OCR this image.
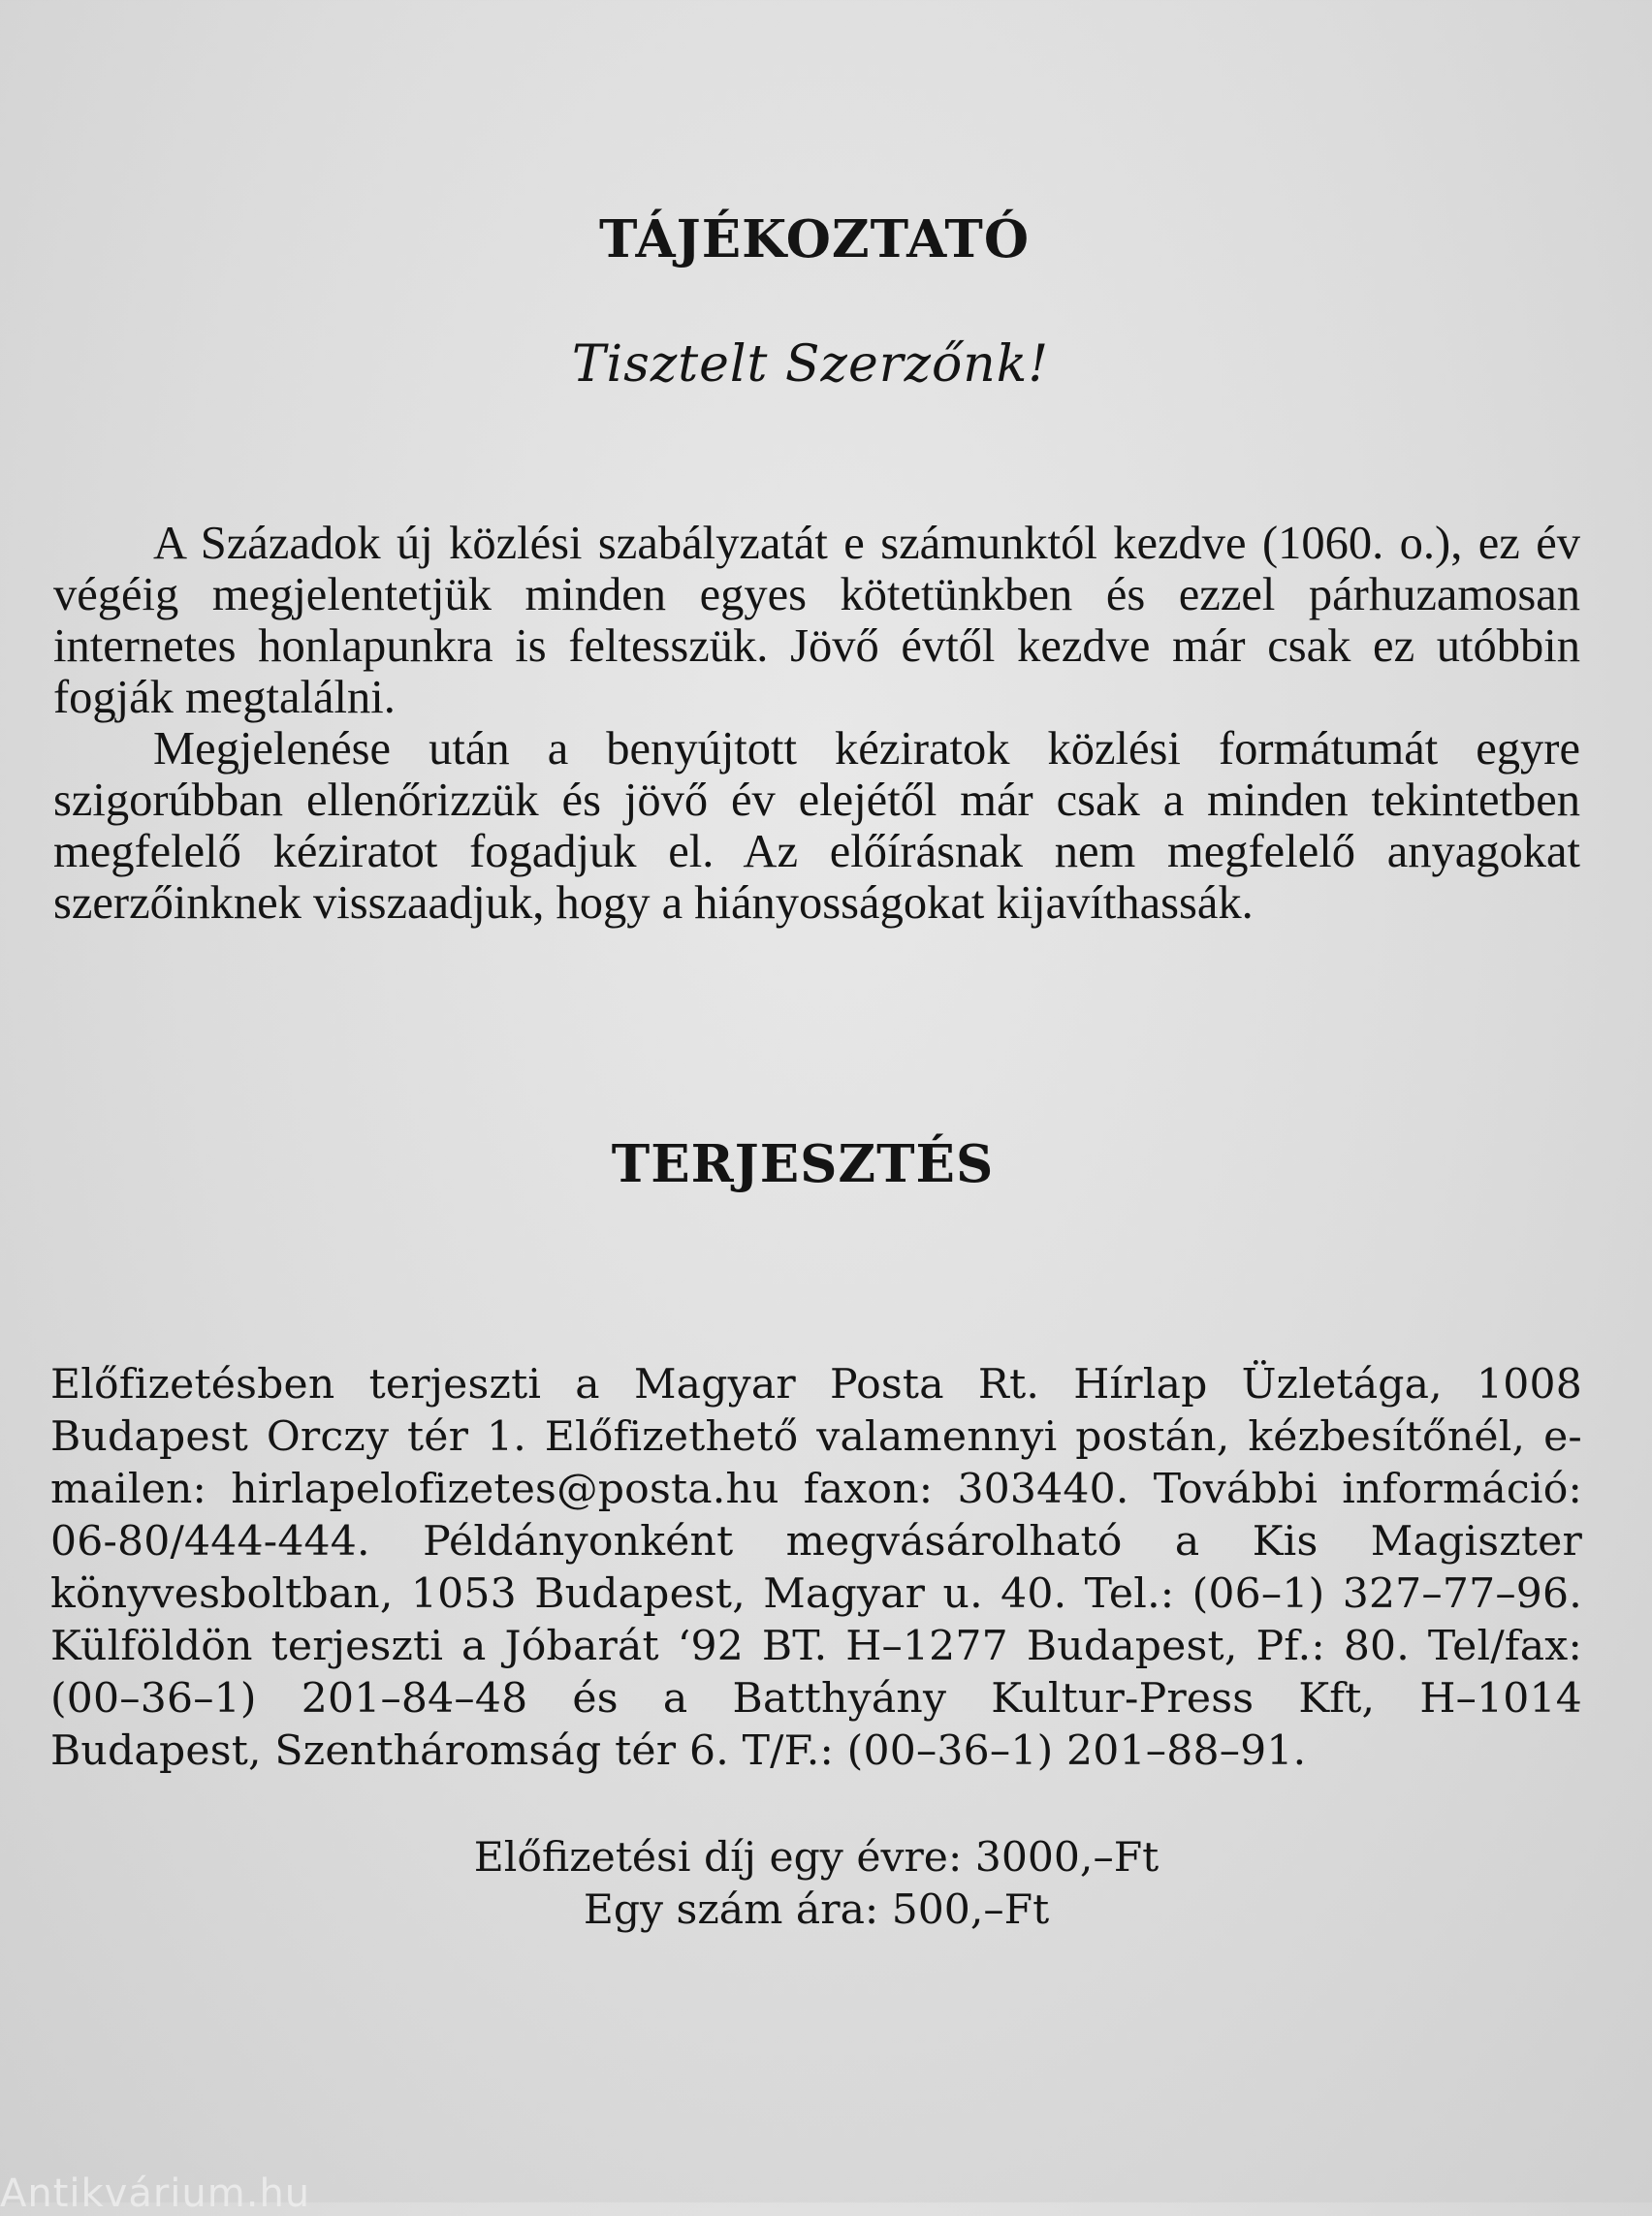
TÁJÉKOZTATÓ
Tisztelt Szerzőnk!

A Századok új közlési szabályzatát e számunktól kezdve (1060. o.), ez év végéig megjelentetjük minden egyes kötetünkben és ezzel párhuzamosan internetes honlapunkra is feltesszük. Jövő évtől kezdve már csak ez utóbbin fogják megtalálni.

Megjelenése után a benyújtott kéziratok közlési formátumát egyre szigorúbban ellenőrizzük és jövő év elejétől már csak a minden tekintetben megfelelő kéziratot fogadjuk el. Az előírásnak nem megfelelő anyagokat szerzőinknek visszaadjuk, hogy a hiányosságokat kijavíthassák.

TERJESZTÉS

Előfizetésben terjeszti a Magyar Posta Rt. Hírlap Üzletága, 1008 Budapest Orczy tér 1. Előfizethető valamennyi postán, kézbesítőnél, e-mailen: hirlapelofizetes@posta.hu faxon: 303440. További információ: 06-80/444-444. Példányonként megvásárolható a Kis Magiszter könyvesboltban, 1053 Budapest, Magyar u. 40. Tel.: (06–1) 327–77–96. Külföldön terjeszti a Jóbarát ‘92 BT. H–1277 Budapest, Pf.: 80. Tel/fax: (00–36–1) 201–84–48 és a Batthyány Kultur-Press Kft, H–1014 Budapest, Szentháromság tér 6. T/F.: (00–36–1) 201–88–91.

Előfizetési díj egy évre: 3000,–Ft
Egy szám ára: 500,–Ft
Antikvárium.hu
